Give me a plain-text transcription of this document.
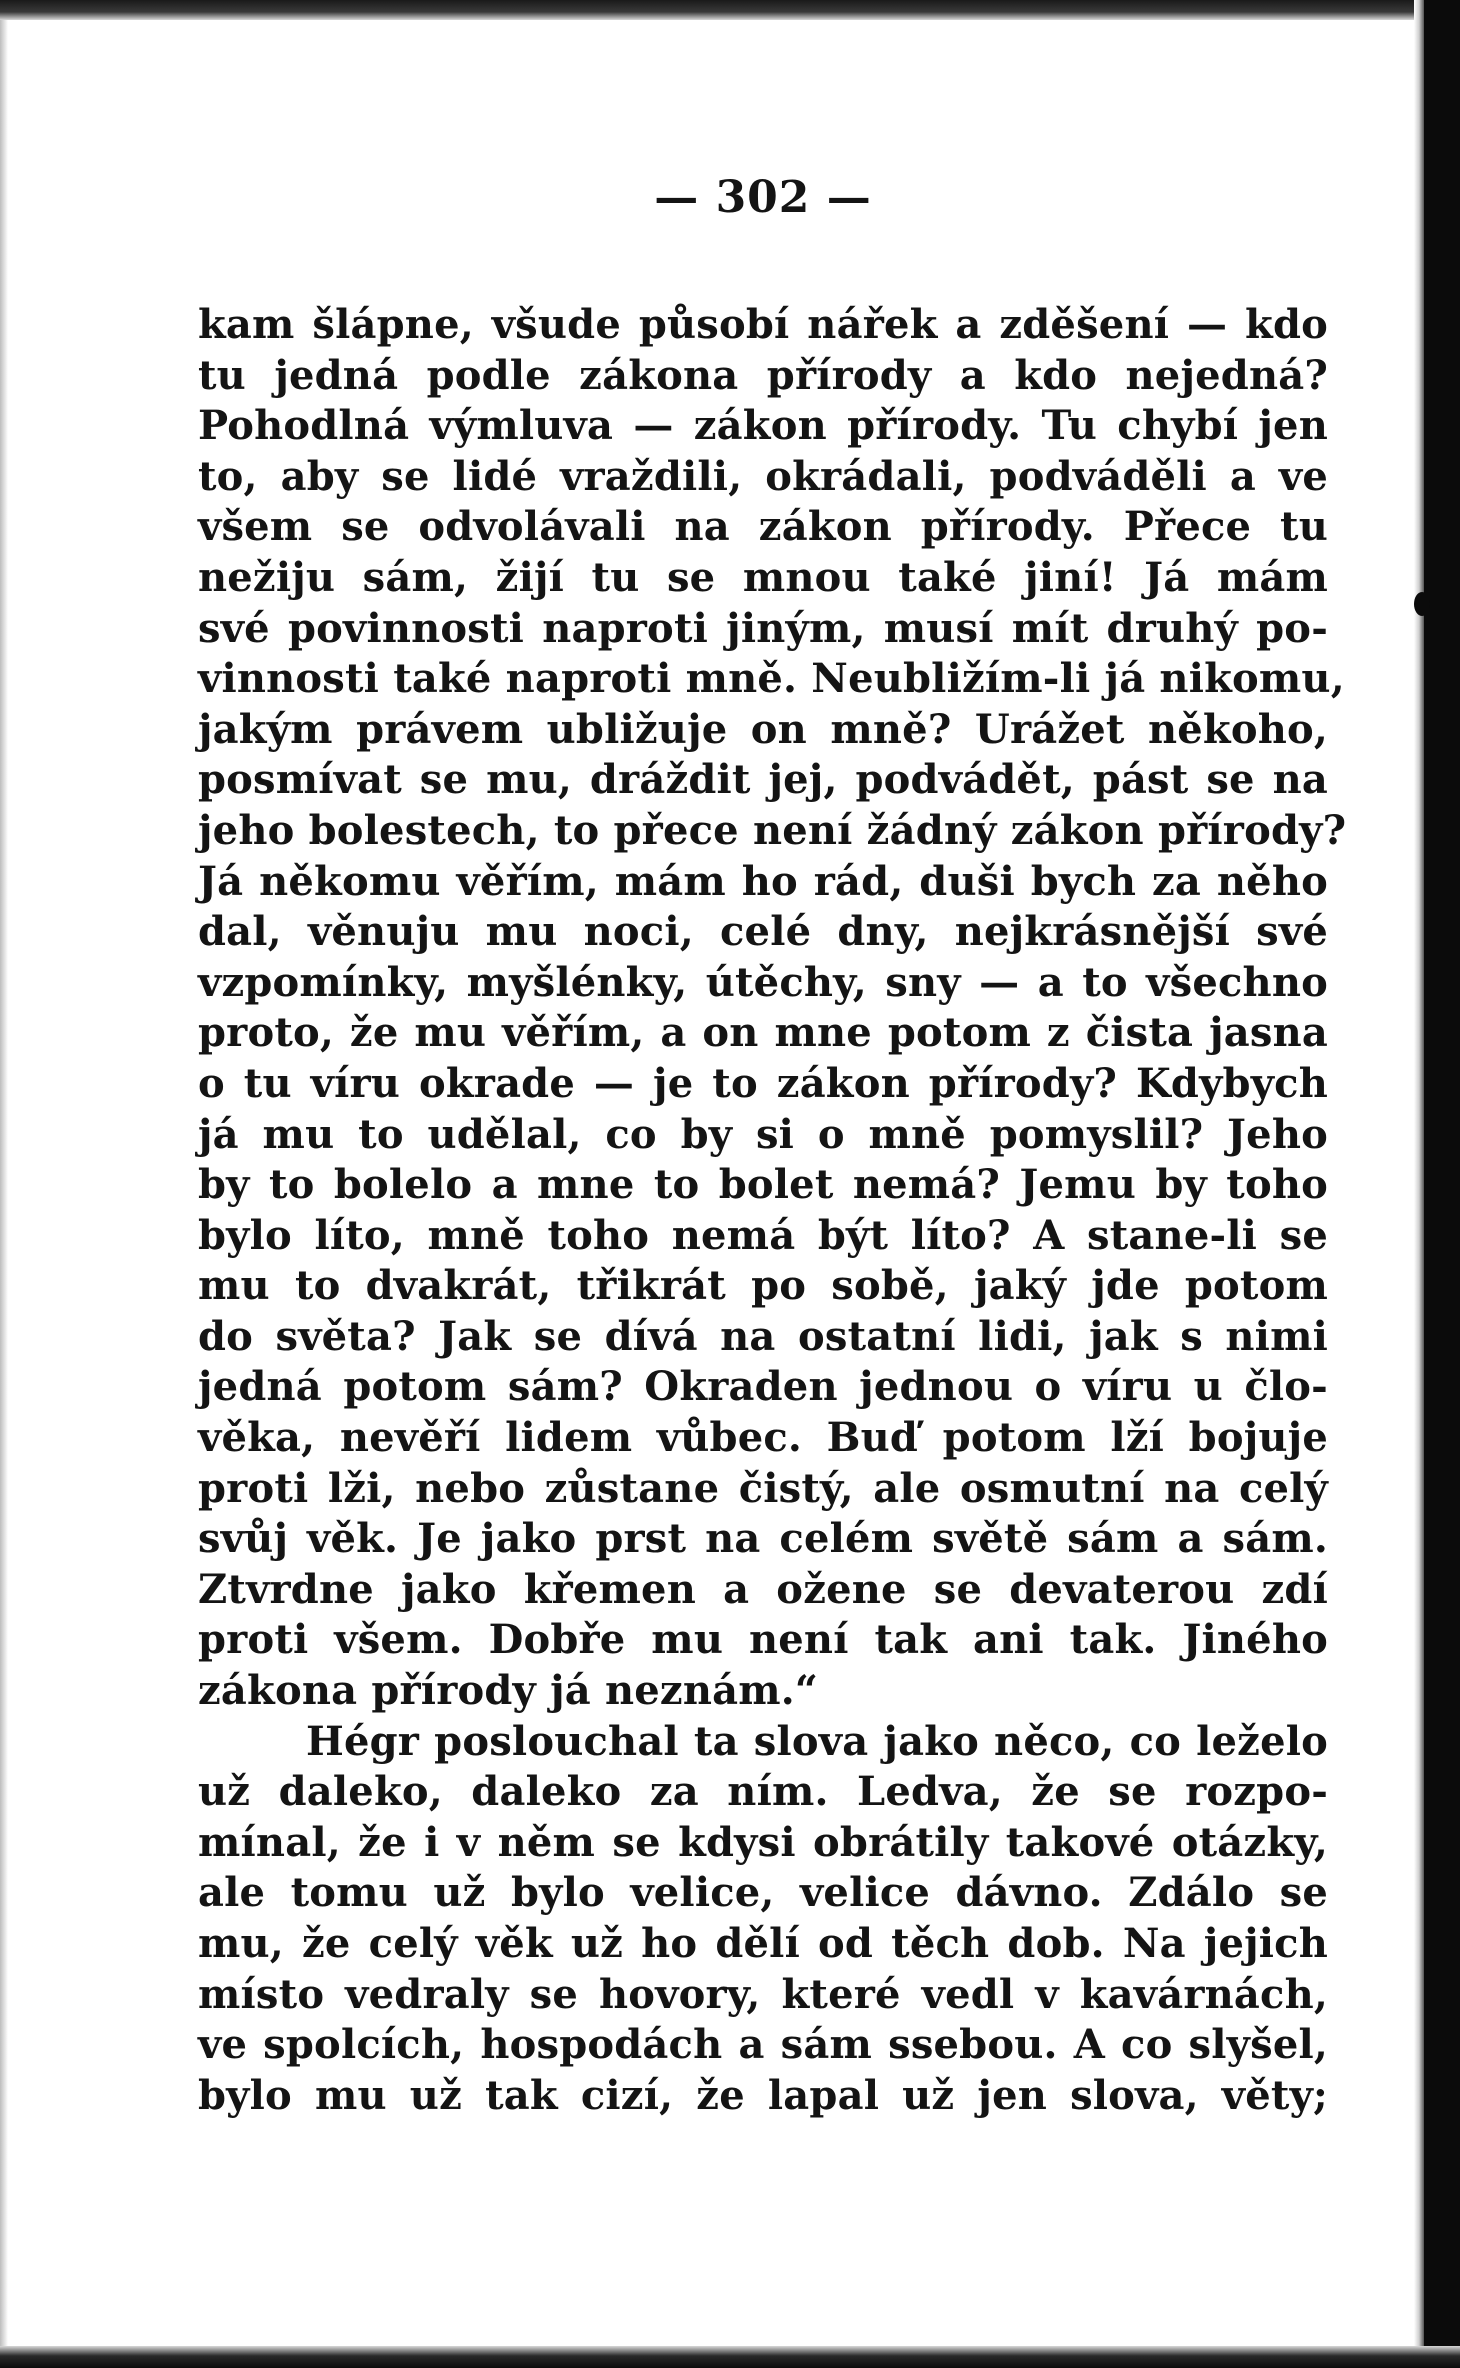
— 302 —
kam šlápne, všude působí nářek a zděšení — kdo
tu jedná podle zákona přírody a kdo nejedná?
Pohodlná výmluva — zákon přírody. Tu chybí jen
to, aby se lidé vraždili, okrádali, podváděli a ve
všem se odvolávali na zákon přírody. Přece tu
nežiju sám, žijí tu se mnou také jiní! Já mám
své povinnosti naproti jiným, musí mít druhý po-
vinnosti také naproti mně. Neubližím-li já nikomu,
jakým právem ubližuje on mně? Urážet někoho,
posmívat se mu, dráždit jej, podvádět, pást se na
jeho bolestech, to přece není žádný zákon přírody?
Já někomu věřím, mám ho rád, duši bych za něho
dal, věnuju mu noci, celé dny, nejkrásnější své
vzpomínky, myšlénky, útěchy, sny — a to všechno
proto, že mu věřím, a on mne potom z čista jasna
o tu víru okrade — je to zákon přírody? Kdybych
já mu to udělal, co by si o mně pomyslil? Jeho
by to bolelo a mne to bolet nemá? Jemu by toho
bylo líto, mně toho nemá být líto? A stane-li se
mu to dvakrát, třikrát po sobě, jaký jde potom
do světa? Jak se dívá na ostatní lidi, jak s nimi
jedná potom sám? Okraden jednou o víru u člo-
věka, nevěří lidem vůbec. Buď potom lží bojuje
proti lži, nebo zůstane čistý, ale osmutní na celý
svůj věk. Je jako prst na celém světě sám a sám.
Ztvrdne jako křemen a ožene se devaterou zdí
proti všem. Dobře mu není tak ani tak. Jiného
zákona přírody já neznám.“
Hégr poslouchal ta slova jako něco, co leželo
už daleko, daleko za ním. Ledva, že se rozpo-
mínal, že i v něm se kdysi obrátily takové otázky,
ale tomu už bylo velice, velice dávno. Zdálo se
mu, že celý věk už ho dělí od těch dob. Na jejich
místo vedraly se hovory, které vedl v kavárnách,
ve spolcích, hospodách a sám ssebou. A co slyšel,
bylo mu už tak cizí, že lapal už jen slova, věty;
